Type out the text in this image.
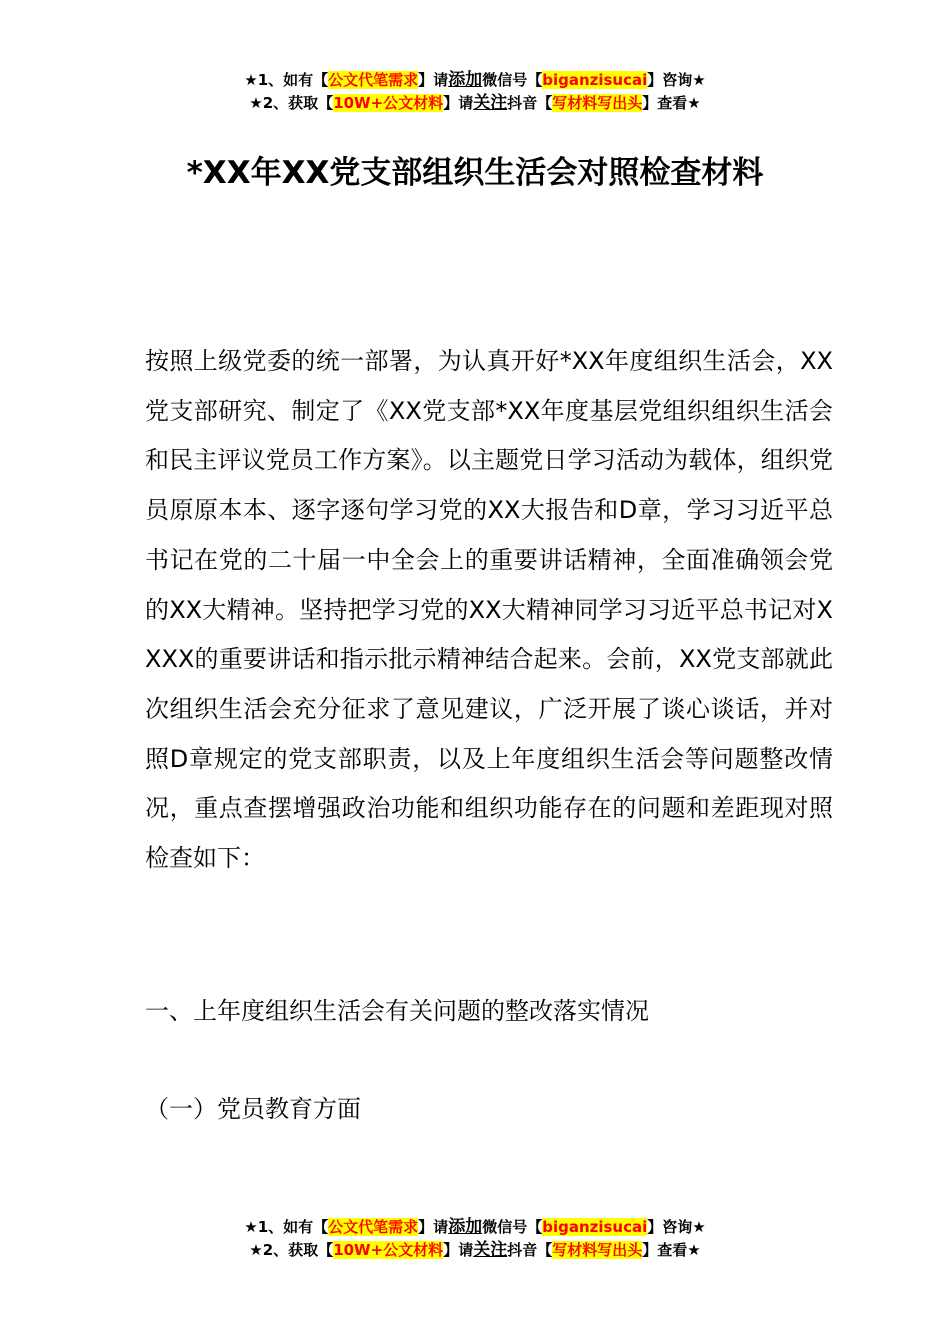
★1、如有【公文代笔需求】请添加微信号【biganzisucai】咨询★
★2、获取【10W+公文材料】请关注抖音【写材料写出头】查看★
*XX年XX党支部组织生活会对照检查材料

按照上级党委的统一部署，为认真开好*XX年度组织生活会，XX党支部研究、制定了《XX党支部*XX年度基层党组织组织生活会和民主评议党员工作方案》。以主题党日学习活动为载体，组织党员原原本本、逐字逐句学习党的XX大报告和D章，学习习近平总书记在党的二十届一中全会上的重要讲话精神，全面准确领会党的XX大精神。坚持把学习党的XX大精神同学习习近平总书记对XXXX的重要讲话和指示批示精神结合起来。会前，XX党支部就此次组织生活会充分征求了意见建议，广泛开展了谈心谈话，并对照D章规定的党支部职责，以及上年度组织生活会等问题整改情况，重点查摆增强政治功能和组织功能存在的问题和差距现对照检查如下：

一、上年度组织生活会有关问题的整改落实情况
（一）党员教育方面
★1、如有【公文代笔需求】请添加微信号【biganzisucai】咨询★
★2、获取【10W+公文材料】请关注抖音【写材料写出头】查看★
